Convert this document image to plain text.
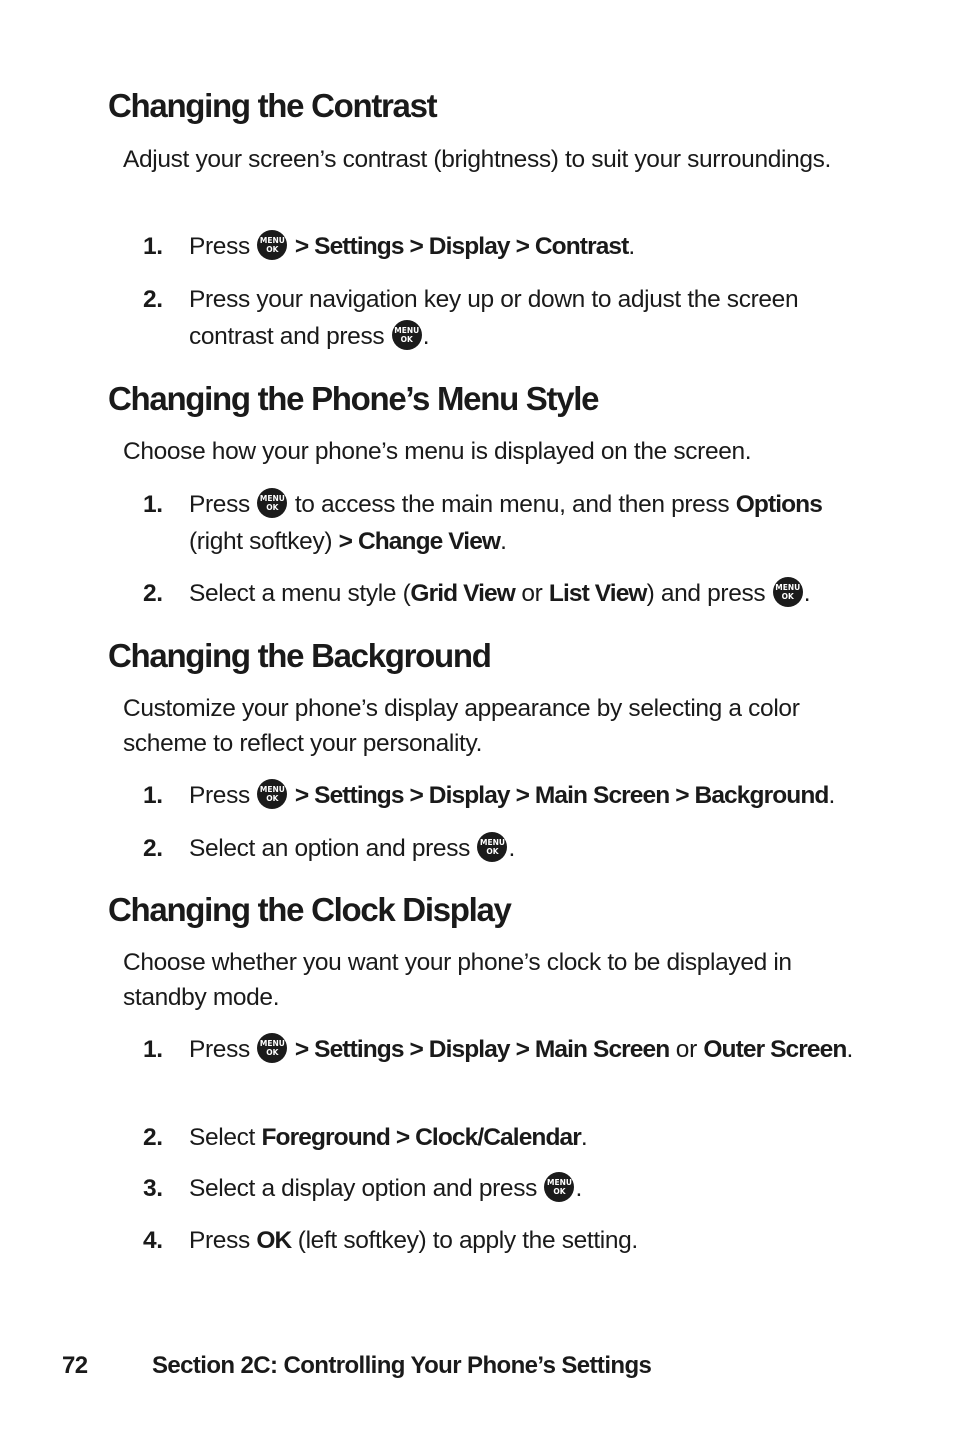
Changing the Contrast

Adjust your screen’s contrast (brightness) to suit your surroundings.

1.	Press	MENU
OK > Settings > Display > Contrast.
2.	Press your navigation key up or down to adjust the screen contrast and press	MENU
OK .
Changing the Phone’s Menu Style

Choose how your phone’s menu is displayed on the screen.

1.	Press	MENU
OK to access the main menu, and then press Options (right softkey) > Change View.
2.	Select a menu style (Grid View or List View) and press	MENU
OK .
Changing the Background

Customize your phone’s display appearance by selecting a color scheme to reflect your personality.

1.	Press	MENU
OK > Settings > Display > Main Screen > Background.
2.	Select an option and press	MENU
OK .
Changing the Clock Display

Choose whether you want your phone’s clock to be displayed in standby mode.

1.	Press	MENU
OK > Settings > Display > Main Screen or Outer Screen.
2.	Select Foreground > Clock/Calendar.
3.	Select a display option and press	MENU
OK .
4.	Press OK (left softkey) to apply the setting.
72	Section 2C: Controlling Your Phone’s Settings
